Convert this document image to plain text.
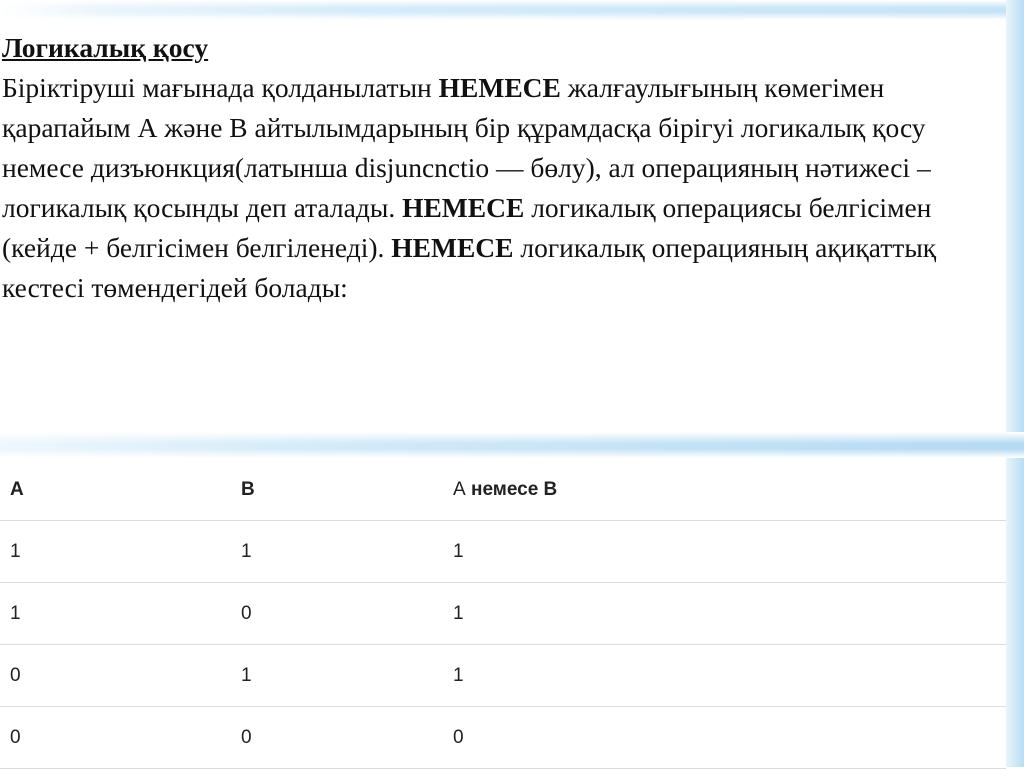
Логикалық қосу
Біріктіруші мағынада қолданылатын НЕМЕСЕ жалғаулығының көмегімен қарапайым А және В айтылымдарының бір құрамдасқа бірігуі логикалық қосу немесе дизъюнкция(латынша disjuncnctio — бөлу), ал операцияның нәтижесі – логикалық қосынды деп аталады. НЕМЕСЕ логикалық операциясы белгісімен (кейде + белгісімен белгіленеді). НЕМЕСЕ логикалық операцияның ақиқаттық кестесі төмендегідей болады:
А	В	А немесе В
1	1	1
1	0	1
0	1	1
0	0	0
